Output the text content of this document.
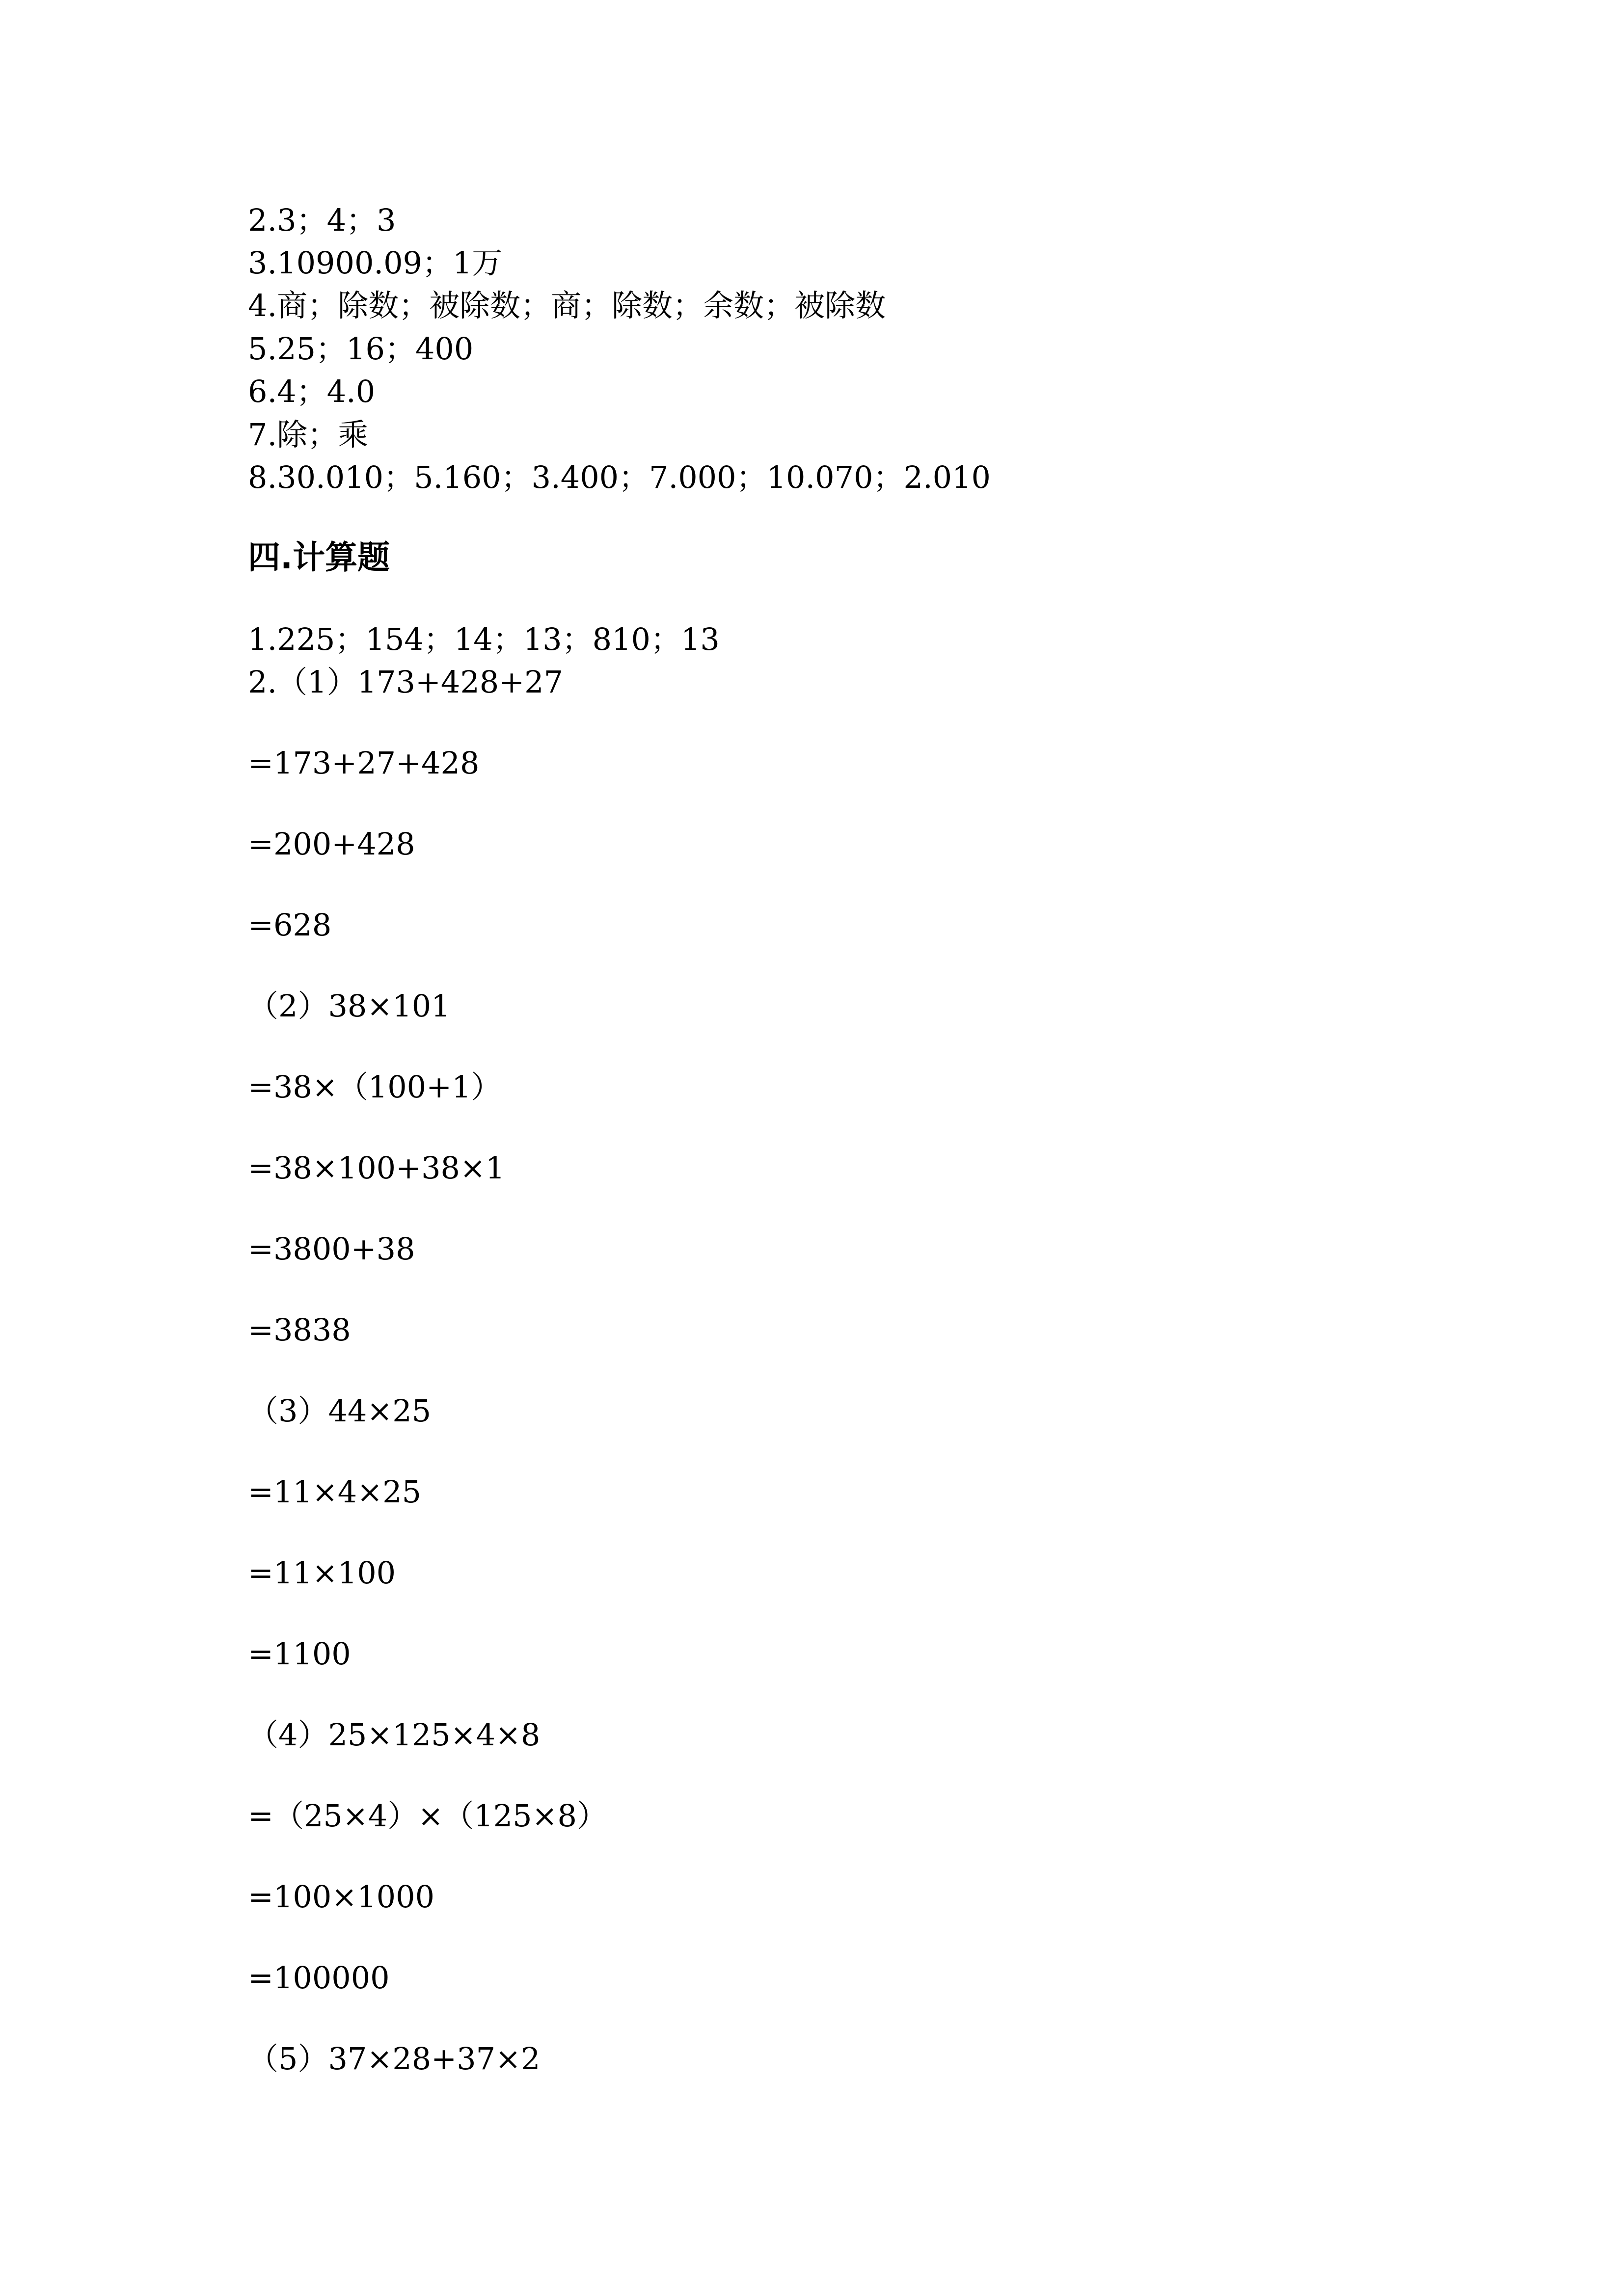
2.3；4；3
3.10900.09；1万
4.商；除数；被除数；商；除数；余数；被除数
5.25；16；400
6.4；4.0
7.除；乘
8.30.010；5.160；3.400；7.000；10.070；2.010
四.计算题
1.225；154；14；13；810；13
2.（1）173+428+27
=173+27+428
=200+428
=628
（2）38×101
=38×（100+1）
=38×100+38×1
=3800+38
=3838
（3）44×25
=11×4×25
=11×100
=1100
（4）25×125×4×8
=（25×4）×（125×8）
=100×1000
=100000
（5）37×28+37×2
